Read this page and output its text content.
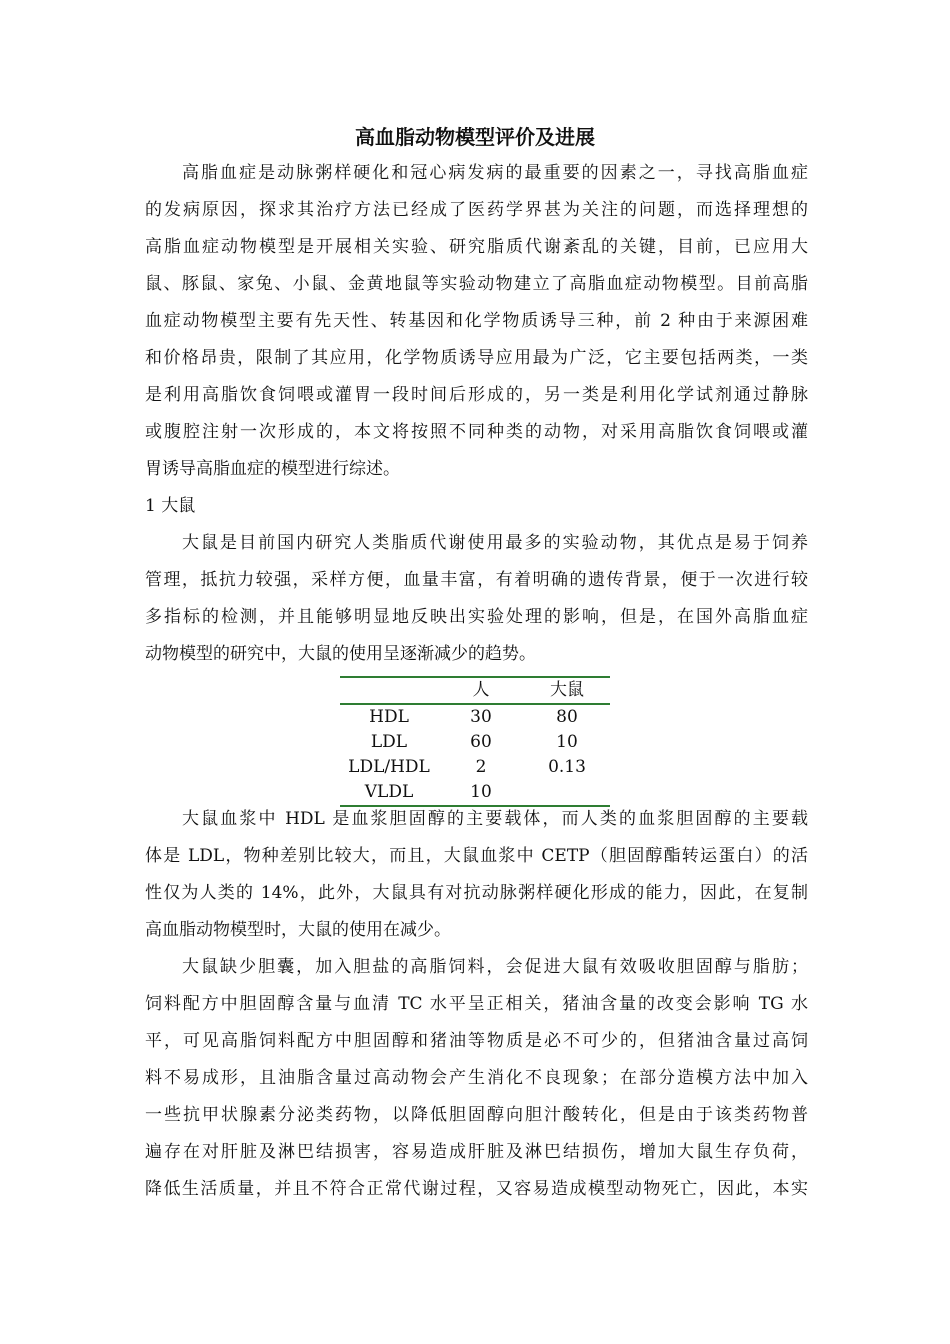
高血脂动物模型评价及进展
高脂血症是动脉粥样硬化和冠心病发病的最重要的因素之一，寻找高脂血症
的发病原因，探求其治疗方法已经成了医药学界甚为关注的问题，而选择理想的
高脂血症动物模型是开展相关实验、研究脂质代谢紊乱的关键，目前，已应用大
鼠、豚鼠、家兔、小鼠、金黄地鼠等实验动物建立了高脂血症动物模型。目前高脂
血症动物模型主要有先天性、转基因和化学物质诱导三种，前 2 种由于来源困难
和价格昂贵，限制了其应用，化学物质诱导应用最为广泛，它主要包括两类，一类
是利用高脂饮食饲喂或灌胃一段时间后形成的，另一类是利用化学试剂通过静脉
或腹腔注射一次形成的，本文将按照不同种类的动物，对采用高脂饮食饲喂或灌
胃诱导高脂血症的模型进行综述。
1 大鼠
大鼠是目前国内研究人类脂质代谢使用最多的实验动物，其优点是易于饲养
管理，抵抗力较强，采样方便，血量丰富，有着明确的遗传背景，便于一次进行较
多指标的检测，并且能够明显地反映出实验处理的影响，但是，在国外高脂血症
动物模型的研究中，大鼠的使用呈逐渐减少的趋势。
	人	大鼠
HDL	30	80
LDL	60	10
LDL/HDL	2	0.13
VLDL	10	
大鼠血浆中 HDL 是血浆胆固醇的主要载体，而人类的血浆胆固醇的主要载
体是 LDL，物种差别比较大，而且，大鼠血浆中 CETP（胆固醇酯转运蛋白）的活
性仅为人类的 14%，此外，大鼠具有对抗动脉粥样硬化形成的能力，因此，在复制
高血脂动物模型时，大鼠的使用在减少。
大鼠缺少胆囊，加入胆盐的高脂饲料，会促进大鼠有效吸收胆固醇与脂肪；
饲料配方中胆固醇含量与血清 TC 水平呈正相关，猪油含量的改变会影响 TG 水
平，可见高脂饲料配方中胆固醇和猪油等物质是必不可少的，但猪油含量过高饲
料不易成形，且油脂含量过高动物会产生消化不良现象；在部分造模方法中加入
一些抗甲状腺素分泌类药物，以降低胆固醇向胆汁酸转化，但是由于该类药物普
遍存在对肝脏及淋巴结损害，容易造成肝脏及淋巴结损伤，增加大鼠生存负荷，
降低生活质量，并且不符合正常代谢过程，又容易造成模型动物死亡，因此，本实
